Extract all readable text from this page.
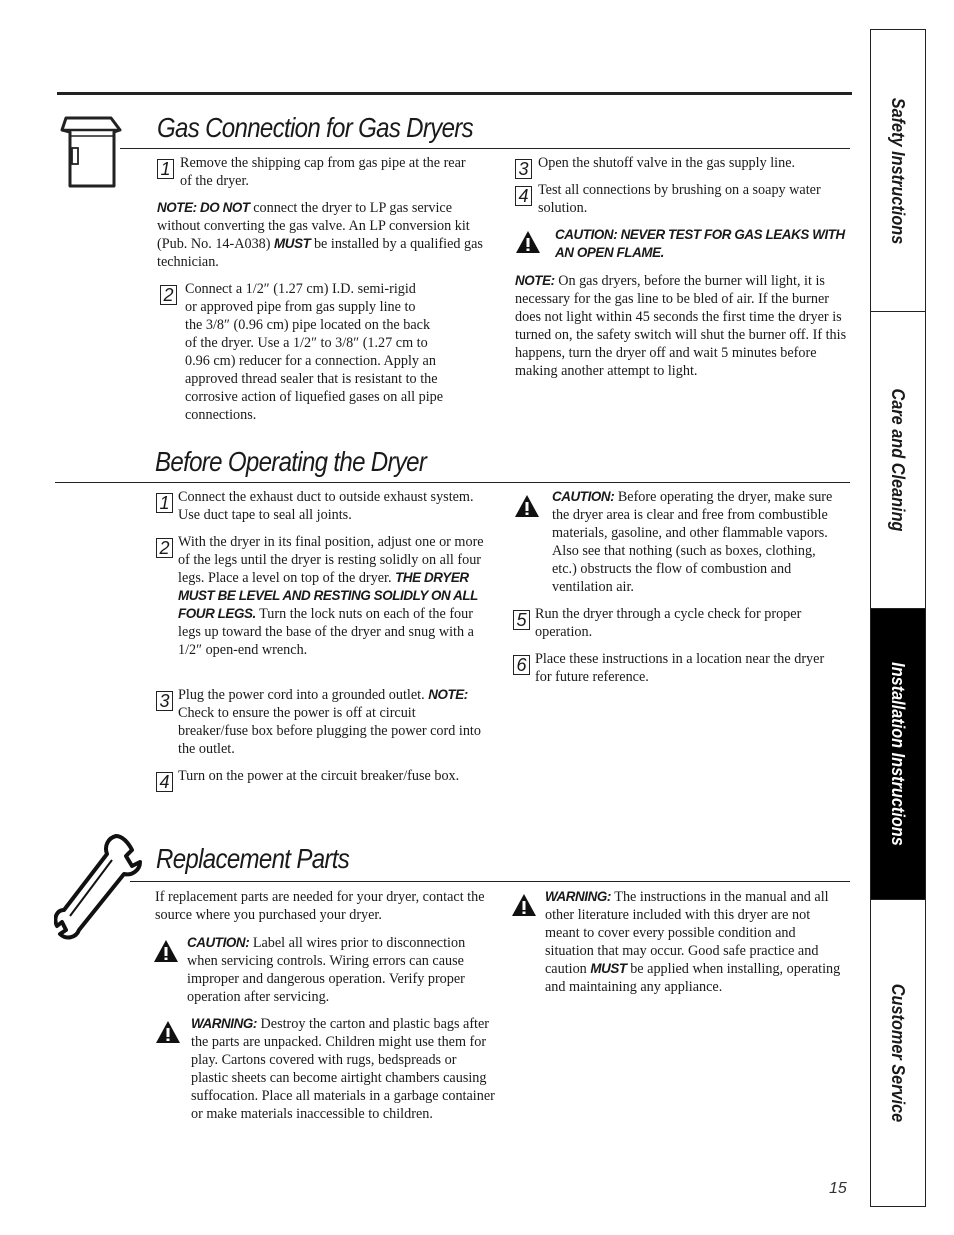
Gas Connection for Gas Dryers
1 Remove the shipping cap from gas pipe at the rear of the dryer.

NOTE: DO NOT connect the dryer to LP gas service without converting the gas valve. An LP conversion kit (Pub. No. 14-A038) MUST be installed by a qualified gas technician.

2 Connect a 1/2″ (1.27 cm) I.D. semi-rigid
or approved pipe from gas supply line to
the 3/8″ (0.96 cm) pipe located on the back
of the dryer. Use a 1/2″ to 3/8″ (1.27 cm to
0.96 cm) reducer for a connection. Apply an
approved thread sealer that is resistant to the
corrosive action of liquefied gases on all pipe
connections.
3 Open the shutoff valve in the gas supply line.

4 Test all connections by brushing on a soapy water solution.

CAUTION: NEVER TEST FOR GAS LEAKS WITH AN OPEN FLAME.

NOTE: On gas dryers, before the burner will light, it is necessary for the gas line to be bled of air. If the burner does not light within 45 seconds the first time the dryer is turned on, the safety switch will shut the burner off. If this happens, turn the dryer off and wait 5 minutes before making another attempt to light.

Before Operating the Dryer
1 Connect the exhaust duct to outside exhaust system. Use duct tape to seal all joints.

2 With the dryer in its final position, adjust one or more of the legs until the dryer is resting solidly on all four legs. Place a level on top of the dryer. THE DRYER MUST BE LEVEL AND RESTING SOLIDLY ON ALL FOUR LEGS. Turn the lock nuts on each of the four legs up toward the base of the dryer and snug with a 1/2″ open-end wrench.

3 Plug the power cord into a grounded outlet. NOTE: Check to ensure the power is off at circuit breaker/fuse box before plugging the power cord into the outlet.

4 Turn on the power at the circuit breaker/fuse box.

CAUTION: Before operating the dryer, make sure the dryer area is clear and free from combustible materials, gasoline, and other flammable vapors. Also see that nothing (such as boxes, clothing, etc.) obstructs the flow of combustion and ventilation air.

5 Run the dryer through a cycle check for proper operation.

6 Place these instructions in a location near the dryer for future reference.

Replacement Parts

If replacement parts are needed for your dryer, contact the source where you purchased your dryer.

CAUTION: Label all wires prior to disconnection when servicing controls. Wiring errors can cause improper and dangerous operation. Verify proper operation after servicing.

WARNING: Destroy the carton and plastic bags after the parts are unpacked. Children might use them for play. Cartons covered with rugs, bedspreads or plastic sheets can become airtight chambers causing suffocation. Place all materials in a garbage container or make materials inaccessible to children.

WARNING: The instructions in the manual and all other literature included with this dryer are not meant to cover every possible condition and situation that may occur. Good safe practice and caution MUST be applied when installing, operating and maintaining any appliance.

15
Safety Instructions
Care and Cleaning
Installation Instructions
Customer Service
